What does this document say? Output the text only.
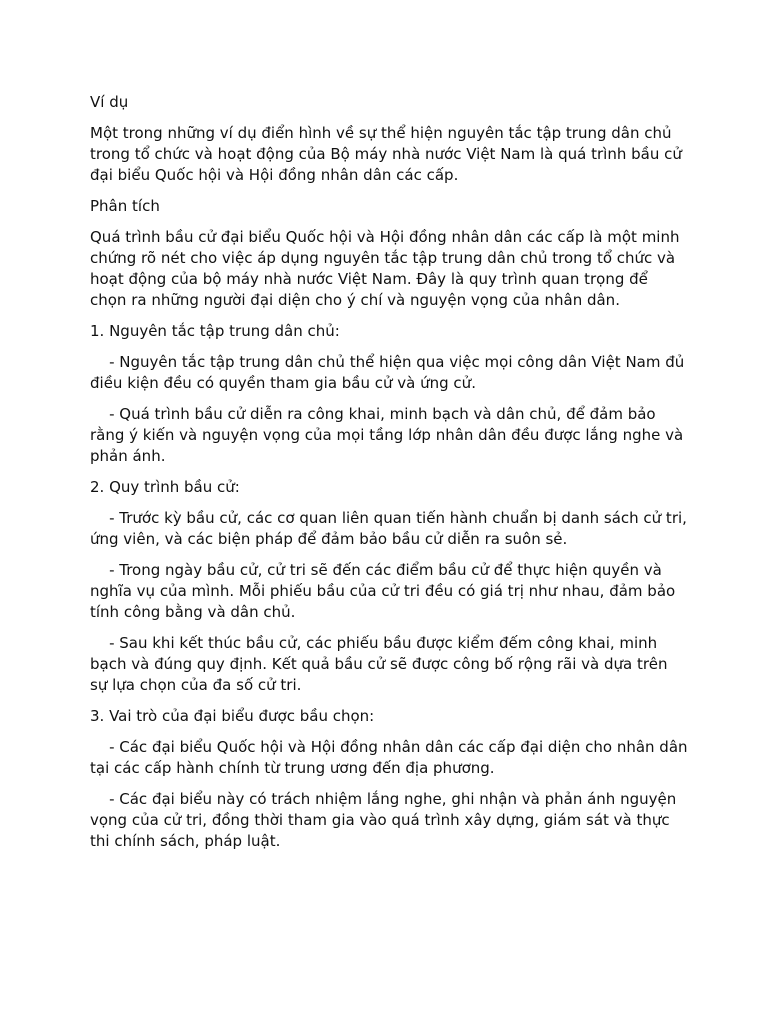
Ví dụ

Một trong những ví dụ điển hình về sự thể hiện nguyên tắc tập trung dân chủ trong tổ chức và hoạt động của Bộ máy nhà nước Việt Nam là quá trình bầu cử đại biểu Quốc hội và Hội đồng nhân dân các cấp.

Phân tích

Quá trình bầu cử đại biểu Quốc hội và Hội đồng nhân dân các cấp là một minh chứng rõ nét cho việc áp dụng nguyên tắc tập trung dân chủ trong tổ chức và hoạt động của bộ máy nhà nước Việt Nam. Đây là quy trình quan trọng để chọn ra những người đại diện cho ý chí và nguyện vọng của nhân dân.

1. Nguyên tắc tập trung dân chủ:

- Nguyên tắc tập trung dân chủ thể hiện qua việc mọi công dân Việt Nam đủ điều kiện đều có quyền tham gia bầu cử và ứng cử.

- Quá trình bầu cử diễn ra công khai, minh bạch và dân chủ, để đảm bảo rằng ý kiến và nguyện vọng của mọi tầng lớp nhân dân đều được lắng nghe và phản ánh.

2. Quy trình bầu cử:

- Trước kỳ bầu cử, các cơ quan liên quan tiến hành chuẩn bị danh sách cử tri, ứng viên, và các biện pháp để đảm bảo bầu cử diễn ra suôn sẻ.

- Trong ngày bầu cử, cử tri sẽ đến các điểm bầu cử để thực hiện quyền và nghĩa vụ của mình. Mỗi phiếu bầu của cử tri đều có giá trị như nhau, đảm bảo tính công bằng và dân chủ.

- Sau khi kết thúc bầu cử, các phiếu bầu được kiểm đếm công khai, minh bạch và đúng quy định. Kết quả bầu cử sẽ được công bố rộng rãi và dựa trên sự lựa chọn của đa số cử tri.

3. Vai trò của đại biểu được bầu chọn:

- Các đại biểu Quốc hội và Hội đồng nhân dân các cấp đại diện cho nhân dân tại các cấp hành chính từ trung ương đến địa phương.

- Các đại biểu này có trách nhiệm lắng nghe, ghi nhận và phản ánh nguyện vọng của cử tri, đồng thời tham gia vào quá trình xây dựng, giám sát và thực thi chính sách, pháp luật.
